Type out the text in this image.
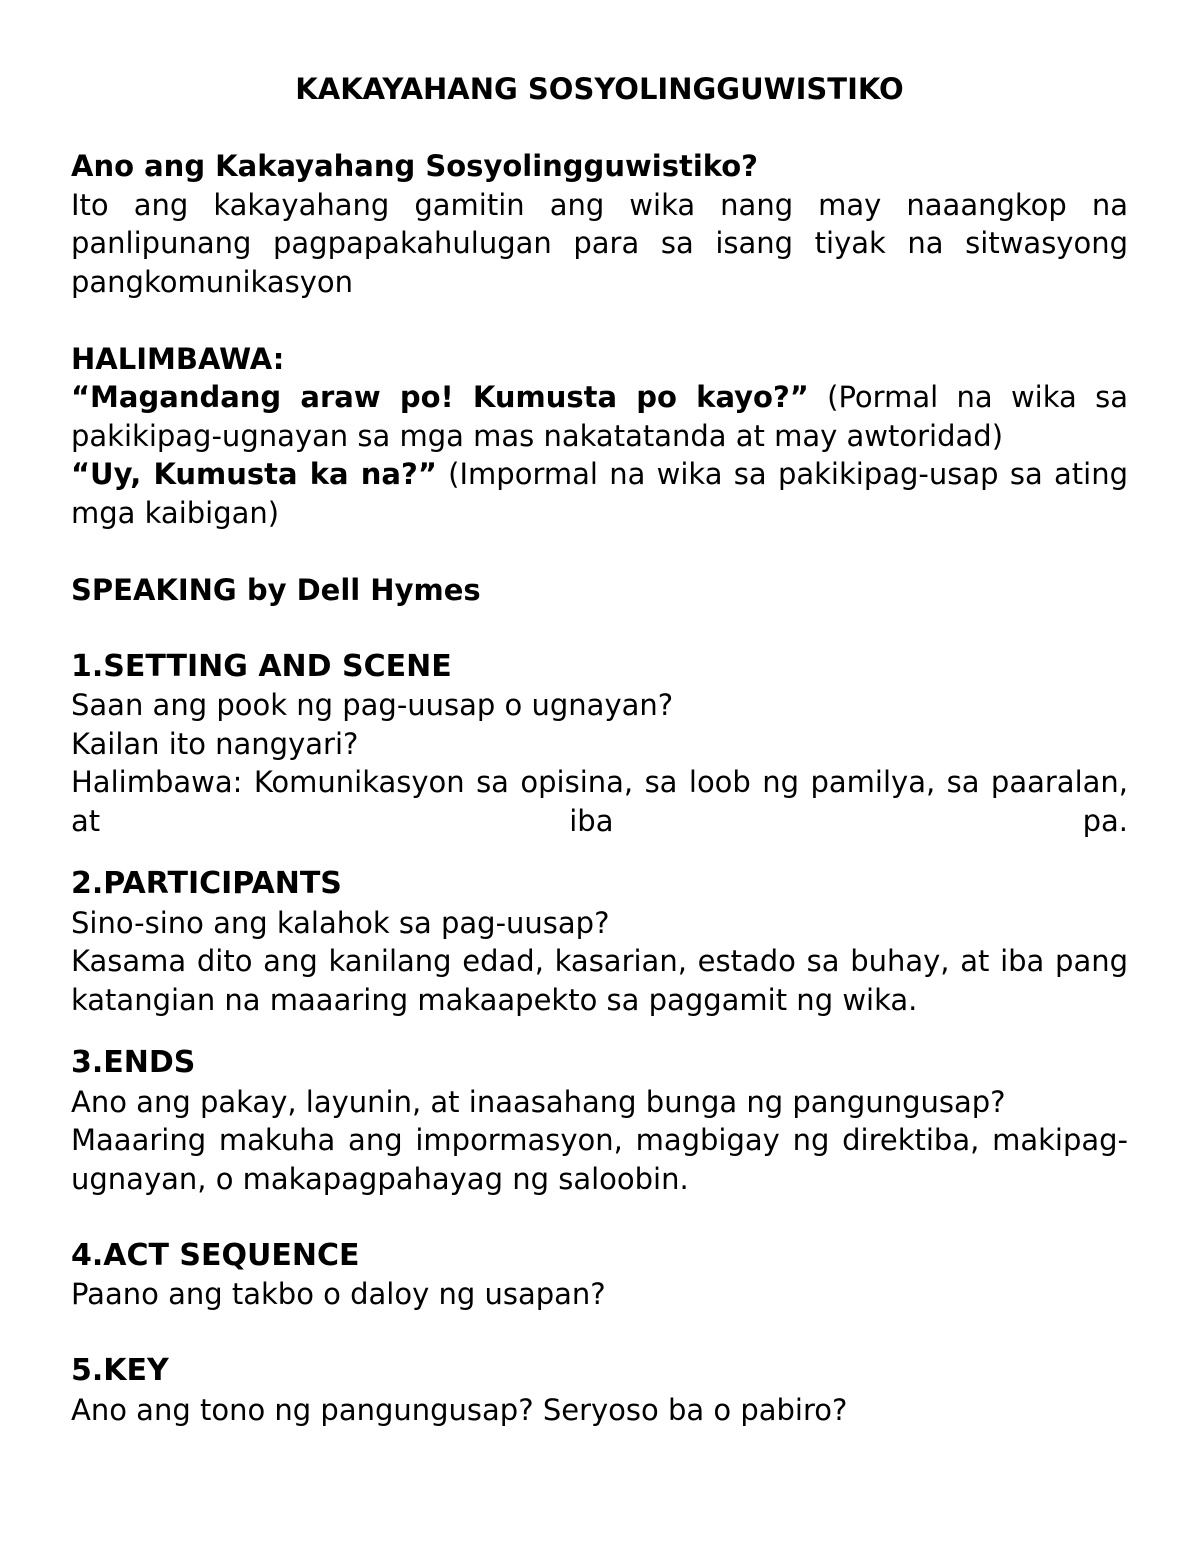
KAKAYAHANG SOSYOLINGGUWISTIKO

Ano ang Kakayahang Sosyolingguwistiko?

Ito ang kakayahang gamitin ang wika nang may naaangkop na panlipunang pagpapakahulugan para sa isang tiyak na sitwasyong pangkomunikasyon

HALIMBAWA:

“Magandang araw po! Kumusta po kayo?” (Pormal na wika sa pakikipag-ugnayan sa mga mas nakatatanda at may awtoridad)

“Uy, Kumusta ka na?” (Impormal na wika sa pakikipag-usap sa ating mga kaibigan)

SPEAKING by Dell Hymes

1.SETTING AND SCENE

Saan ang pook ng pag-uusap o ugnayan?

Kailan ito nangyari?

Halimbawa: Komunikasyon sa opisina, sa loob ng pamilya, sa paaralan, at iba pa.

2.PARTICIPANTS

Sino-sino ang kalahok sa pag-uusap?

Kasama dito ang kanilang edad, kasarian, estado sa buhay, at iba pang katangian na maaaring makaapekto sa paggamit ng wika.

3.ENDS

Ano ang pakay, layunin, at inaasahang bunga ng pangungusap?

Maaaring makuha ang impormasyon, magbigay ng direktiba, makipag-ugnayan, o makapagpahayag ng saloobin.

4.ACT SEQUENCE

Paano ang takbo o daloy ng usapan?

5.KEY

Ano ang tono ng pangungusap? Seryoso ba o pabiro?
